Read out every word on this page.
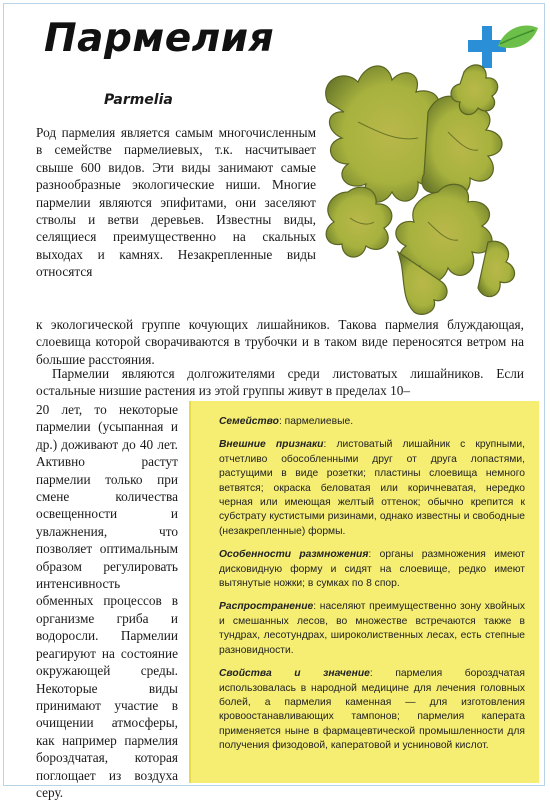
Пармелия
Parmelia

Род пармелия является самым многочисленным в семействе пармелиевых, т.к. насчитывает свыше 600 видов. Эти виды занимают самые разнообразные экологические ниши. Многие пармелии являются эпифитами, они заселяют стволы и ветви деревьев. Известны виды, селящиеся преимущественно на скальных выходах и камнях. Незакрепленные виды относятся

к экологической группе кочующих лишайников. Такова пармелия блуждающая, слоевища которой сворачиваются в трубочки и в таком виде переносятся ветром на большие расстояния.

Пармелии являются долгожителями среди листоватых лишайников. Если остальные низшие растения из этой группы живут в пределах 10–

20 лет, то некоторые пармелии (усыпанная и др.) доживают до 40 лет. Активно растут пармелии только при смене количества освещенности и увлажнения, что позволяет оптимальным образом регулировать интенсивность обменных процессов в организме гриба и водоросли. Пармелии реагируют на состояние окружающей среды. Некоторые виды принимают участие в очищении атмосферы, как например пармелия бороздчатая, которая поглощает из воздуха серу.

Семейство: пармелиевые.

Внешние признаки: листоватый лишайник с крупными, отчетливо обособленными друг от друга лопастями, растущими в виде розетки; пластины слоевища немного ветвятся; окраска беловатая или коричневатая, нередко черная или имеющая желтый оттенок; обычно крепится к субстрату кустистыми ризинами, однако известны и свободные (незакрепленные) формы.

Особенности размножения: органы размножения имеют дисковидную форму и сидят на слоевище, редко имеют вытянутые ножки; в сумках по 8 спор.

Распространение: населяют преимущественно зону хвойных и смешанных лесов, во множестве встречаются также в тундрах, лесотундрах, широколиственных лесах, есть степные разновидности.

Свойства и значение: пармелия бороздчатая использовалась в народной медицине для лечения головных болей, а пармелия каменная — для изготовления кровоостанавливающих тампонов; пармелия каперата применяется ныне в фармацевтической промышленности для получения физодовой, каператовой и усниновой кислот.
